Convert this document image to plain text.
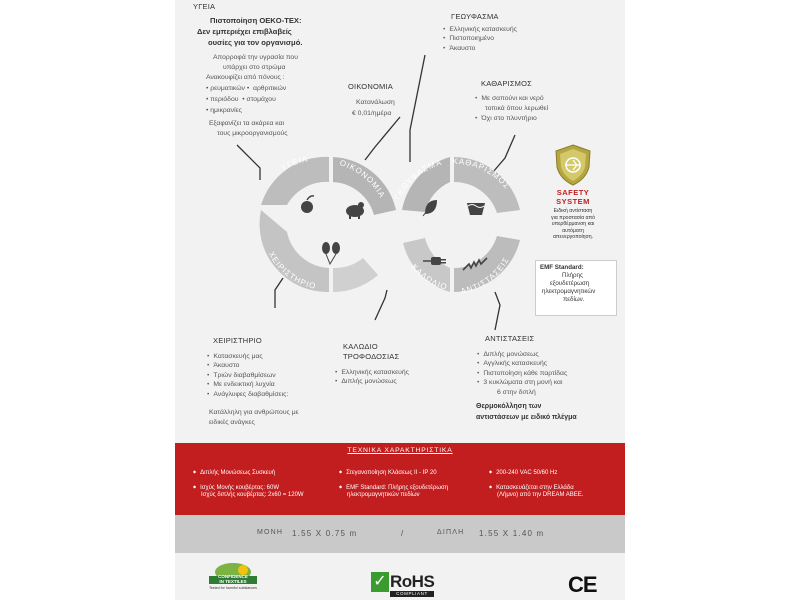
ΥΓΕΙΑ
Πιστοποίηση OEKO-TEX:
Δεν εμπεριέχει επιβλαβείς
ουσίες για τον οργανισμό.
Απορροφά την υγρασία που
υπάρχει στο στρώμα
Ανακουφίζει από πόνους :
• ρευματικών •  αρθριτικών
• περιόδου  • στομάχου
• ημικρανίες
Εξαφανίζει τα ακάρεα και
τους μικροοργανισμούς
ΟΙΚΟΝΟΜΙΑ
Κατανάλωση
€ 0,01/ημέρα
ΓΕΩΥΦΑΣΜΑ
• Ελληνικής κατασκευής
• Πιστοποιημένο
• Άκαυστο
ΚΑΘΑΡΙΣΜΟΣ
• Με σαπούνι και νερό
τοπικά όπου λερωθεί
• Όχι στο πλυντήριο
SAFETY
SYSTEM
Ειδική αντίσταση
για προστασία από
υπερθέρμανση και
αυτόματη
απενεργοποίηση.
EMF Standard:
Πλήρης
εξουδετέρωση
ηλεκτρομαγνητικών
πεδίων.
ΥΓΕΙΑ	ΟΙΚΟΝΟΜΙΑ
ΧΕΙΡΙΣΤΗΡΙΟ
ΓΕΩΥΦΑΣΜΑ ΚΑΘΑΡΙΣΜΟΣ
ΚΑΛΩΔΙΟ ΑΝΤΙΣΤΑΣΕΙΣ
ΧΕΙΡΙΣΤΗΡΙΟ
• Κατασκευής μας
• Άκαυστο
• Τριών διαβαθμίσεων
• Με ενδεικτική λυχνία
• Ανάγλυφες διαβαθμίσεις:
Κατάλληλη για ανθρώπους με
ειδικές ανάγκες
ΚΑΛΩΔΙΟ
ΤΡΟΦΟΔΟΣΙΑΣ
• Ελληνικής κατασκευής
• Διπλής μονώσεως
ΑΝΤΙΣΤΑΣΕΙΣ
• Διπλής μονώσεως
• Αγγλικής κατασκευής
• Πιστοποίηση κάθε παρτίδας
• 3 κυκλώματα στη μονή και
6 στην διπλή
Θερμοκόλληση των
αντιστάσεων με ειδικό πλέγμα
ΤΕΧΝΙΚΑ ΧΑΡΑΚΤΗΡΙΣΤΙΚΑ
◆ Διπλής Μονώσεως Συσκευή
◆ Ισχύς Μονής κουβέρτας: 60W
Ισχύς διπλής κουβέρτας: 2x60 = 120W
◆ Στεγανοποίηση Κλάσεως ΙΙ - IP 20
◆ EMF Standard: Πλήρης εξουδετέρωση
ηλεκτρομαγνητικών πεδίων
◆ 200-240 VAC 50/60 Hz
◆ Κατασκευάζεται στην Ελλάδα
(Λήμνο) από την DREAM ABEE.
ΜΟΝΗ 1.55 Χ 0.75 m	/	ΔΙΠΛΗ 1.55 Χ 1.40 m
CONFIDENCE
IN TEXTILES
Tested for harmful substances	✓ RoHS
COMPLIANT	CE
